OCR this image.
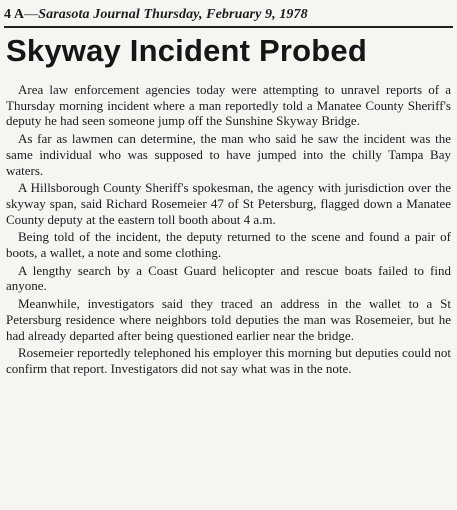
4 A—Sarasota Journal Thursday, February 9, 1978
Skyway Incident Probed

Area law enforcement agencies today were attempting to unravel reports of a Thursday morning incident where a man reportedly told a Manatee County Sheriff's deputy he had seen someone jump off the Sunshine Skyway Bridge.

As far as lawmen can determine, the man who said he saw the incident was the same individual who was supposed to have jumped into the chilly Tampa Bay waters.

A Hillsborough County Sheriff's spokesman, the agency with jurisdiction over the skyway span, said Richard Rosemeier 47 of St Petersburg, flagged down a Manatee County deputy at the eastern toll booth about 4 a.m.

Being told of the incident, the deputy returned to the scene and found a pair of boots, a wallet, a note and some clothing.

A lengthy search by a Coast Guard helicopter and rescue boats failed to find anyone.

Meanwhile, investigators said they traced an address in the wallet to a St Petersburg residence where neighbors told deputies the man was Rosemeier, but he had already departed after being questioned earlier near the bridge.

Rosemeier reportedly telephoned his employer this morning but deputies could not confirm that report. Investigators did not say what was in the note.
